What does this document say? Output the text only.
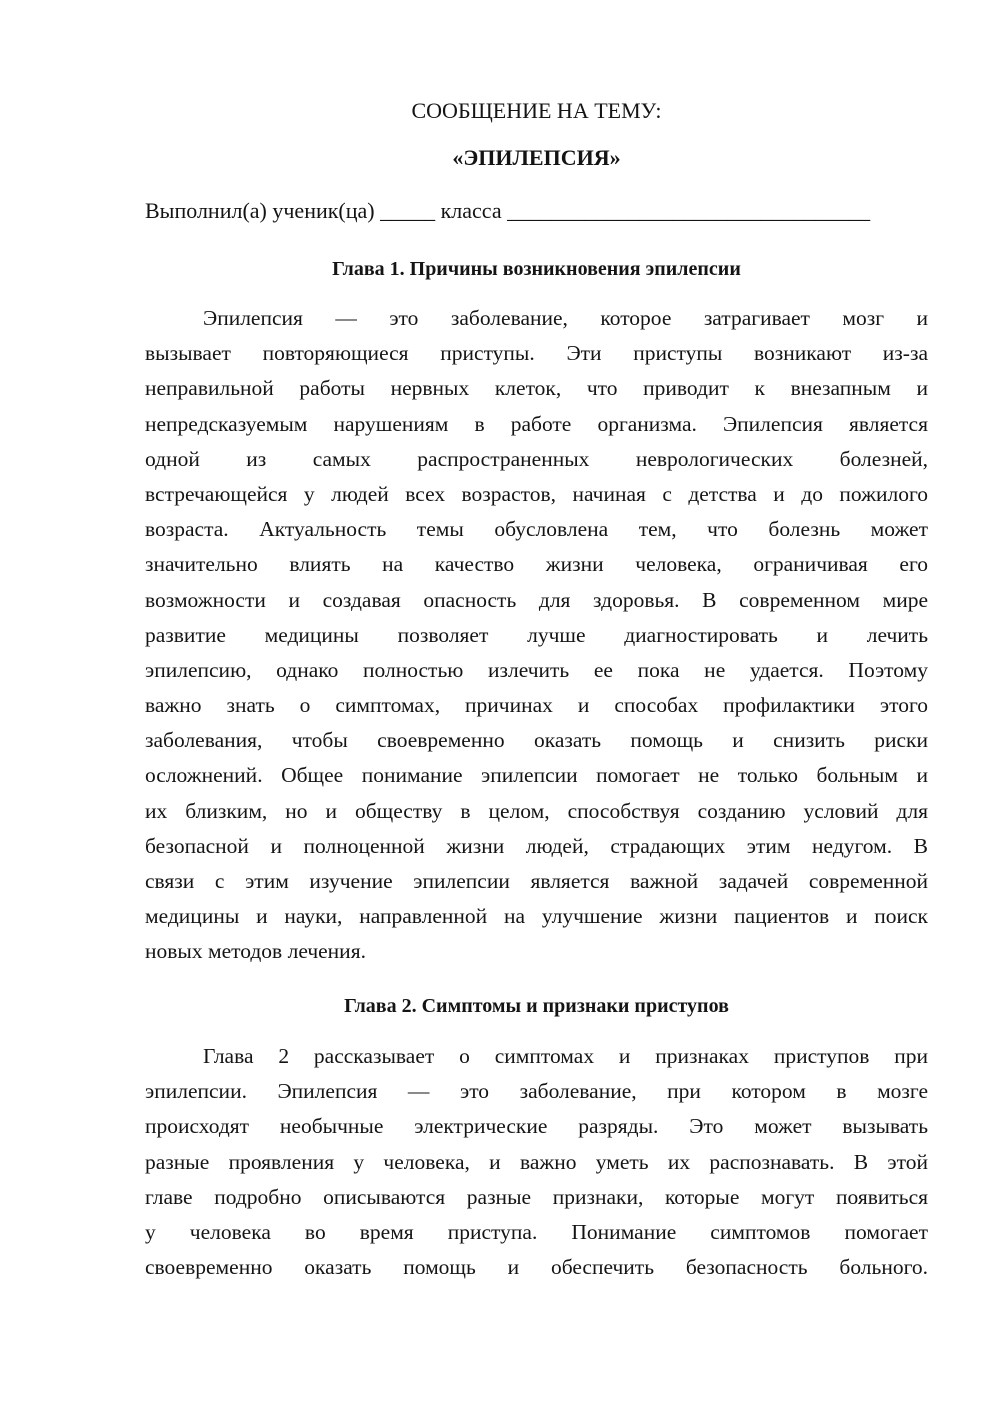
СООБЩЕНИЕ НА ТЕМУ:
«ЭПИЛЕПСИЯ»
Выполнил(а) ученик(ца) _____ класса _________________________________
Глава 1. Причины возникновения эпилепсии
Эпилепсия — это заболевание, которое затрагивает мозг и
вызывает повторяющиеся приступы. Эти приступы возникают из-за
неправильной работы нервных клеток, что приводит к внезапным и
непредсказуемым нарушениям в работе организма. Эпилепсия является
одной из самых распространенных неврологических болезней,
встречающейся у людей всех возрастов, начиная с детства и до пожилого
возраста. Актуальность темы обусловлена тем, что болезнь может
значительно влиять на качество жизни человека, ограничивая его
возможности и создавая опасность для здоровья. В современном мире
развитие медицины позволяет лучше диагностировать и лечить
эпилепсию, однако полностью излечить ее пока не удается. Поэтому
важно знать о симптомах, причинах и способах профилактики этого
заболевания, чтобы своевременно оказать помощь и снизить риски
осложнений. Общее понимание эпилепсии помогает не только больным и
их близким, но и обществу в целом, способствуя созданию условий для
безопасной и полноценной жизни людей, страдающих этим недугом. В
связи с этим изучение эпилепсии является важной задачей современной
медицины и науки, направленной на улучшение жизни пациентов и поиск
новых методов лечения.
Глава 2. Симптомы и признаки приступов
Глава 2 рассказывает о симптомах и признаках приступов при
эпилепсии. Эпилепсия — это заболевание, при котором в мозге
происходят необычные электрические разряды. Это может вызывать
разные проявления у человека, и важно уметь их распознавать. В этой
главе подробно описываются разные признаки, которые могут появиться
у человека во время приступа. Понимание симптомов помогает
своевременно оказать помощь и обеспечить безопасность больного.
